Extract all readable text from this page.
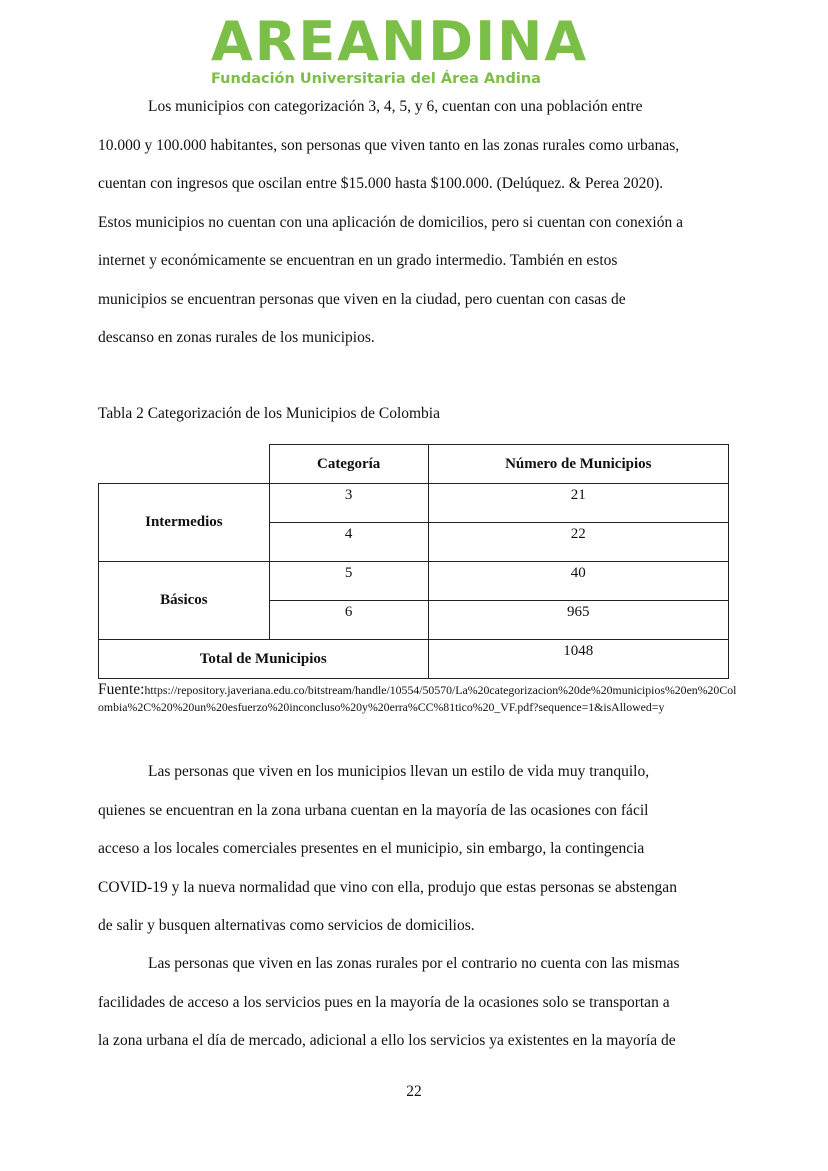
AREANDINA
Fundación Universitaria del Área Andina
Los municipios con categorización 3, 4, 5, y 6, cuentan con una población entre
10.000 y 100.000 habitantes, son personas que viven tanto en las zonas rurales como urbanas,
cuentan con ingresos que oscilan entre $15.000 hasta $100.000. (Delúquez. & Perea 2020).
Estos municipios no cuentan con una aplicación de domicilios, pero si cuentan con conexión a
internet y económicamente se encuentran en un grado intermedio. También en estos
municipios se encuentran personas que viven en la ciudad, pero cuentan con casas de
descanso en zonas rurales de los municipios.
Tabla 2 Categorización de los Municipios de Colombia
	Categoría	Número de Municipios
Intermedios	3	21
	4	22
Básicos	5	40
	6	965
Total de Municipios		1048
Fuente:https://repository.javeriana.edu.co/bitstream/handle/10554/50570/La%20categorizacion%20de%20municipios%20en%20Colombia%2C%20%20un%20esfuerzo%20inconcluso%20y%20erra%CC%81tico%20_VF.pdf?sequence=1&isAllowed=y
Las personas que viven en los municipios llevan un estilo de vida muy tranquilo,
quienes se encuentran en la zona urbana cuentan en la mayoría de las ocasiones con fácil
acceso a los locales comerciales presentes en el municipio, sin embargo, la contingencia
COVID-19 y la nueva normalidad que vino con ella, produjo que estas personas se abstengan
de salir y busquen alternativas como servicios de domicilios.
Las personas que viven en las zonas rurales por el contrario no cuenta con las mismas
facilidades de acceso a los servicios pues en la mayoría de la ocasiones solo se transportan a
la zona urbana el día de mercado, adicional a ello los servicios ya existentes en la mayoría de
22
